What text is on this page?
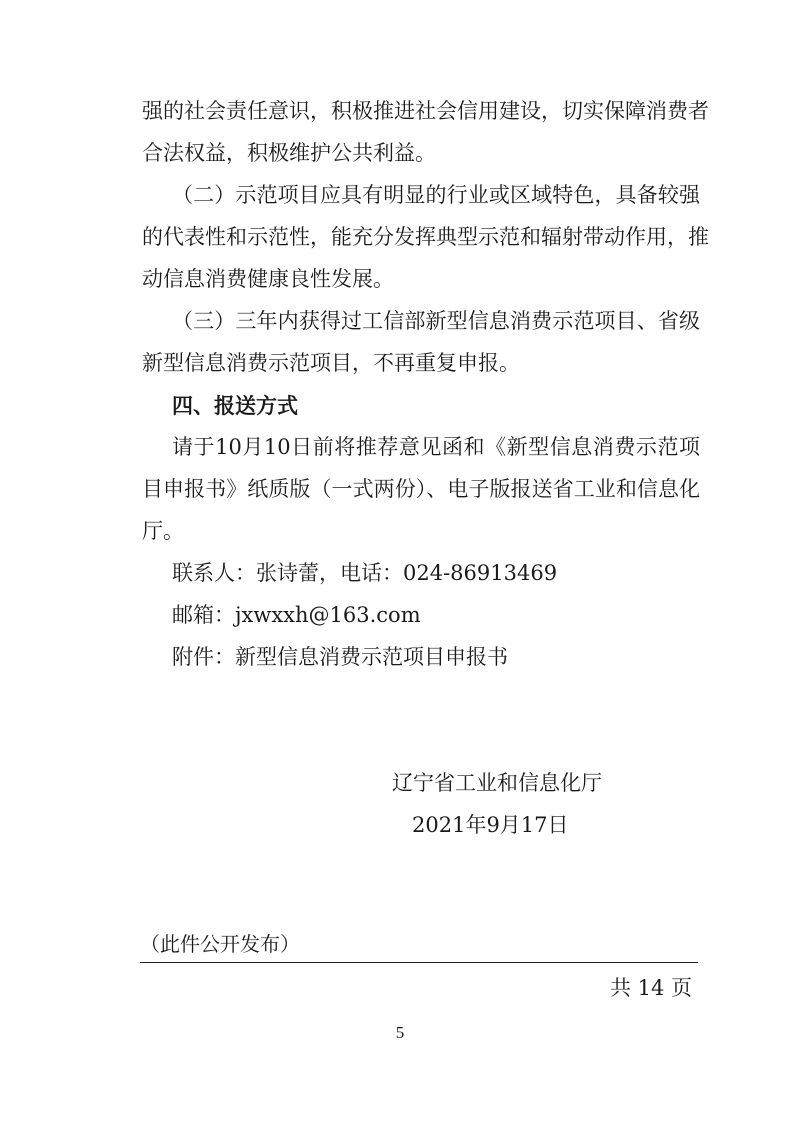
强的社会责任意识，积极推进社会信用建设，切实保障消费者
合法权益，积极维护公共利益。
（二）示范项目应具有明显的行业或区域特色，具备较强
的代表性和示范性，能充分发挥典型示范和辐射带动作用，推
动信息消费健康良性发展。
（三）三年内获得过工信部新型信息消费示范项目、省级
新型信息消费示范项目，不再重复申报。
四、报送方式
请于10月10日前将推荐意见函和《新型信息消费示范项
目申报书》纸质版（一式两份）、电子版报送省工业和信息化
厅。
联系人：张诗蕾，电话：024-86913469
邮箱：jxwxxh@163.com
附件：新型信息消费示范项目申报书
辽宁省工业和信息化厅
2021年9月17日
（此件公开发布）
共 14 页
5
